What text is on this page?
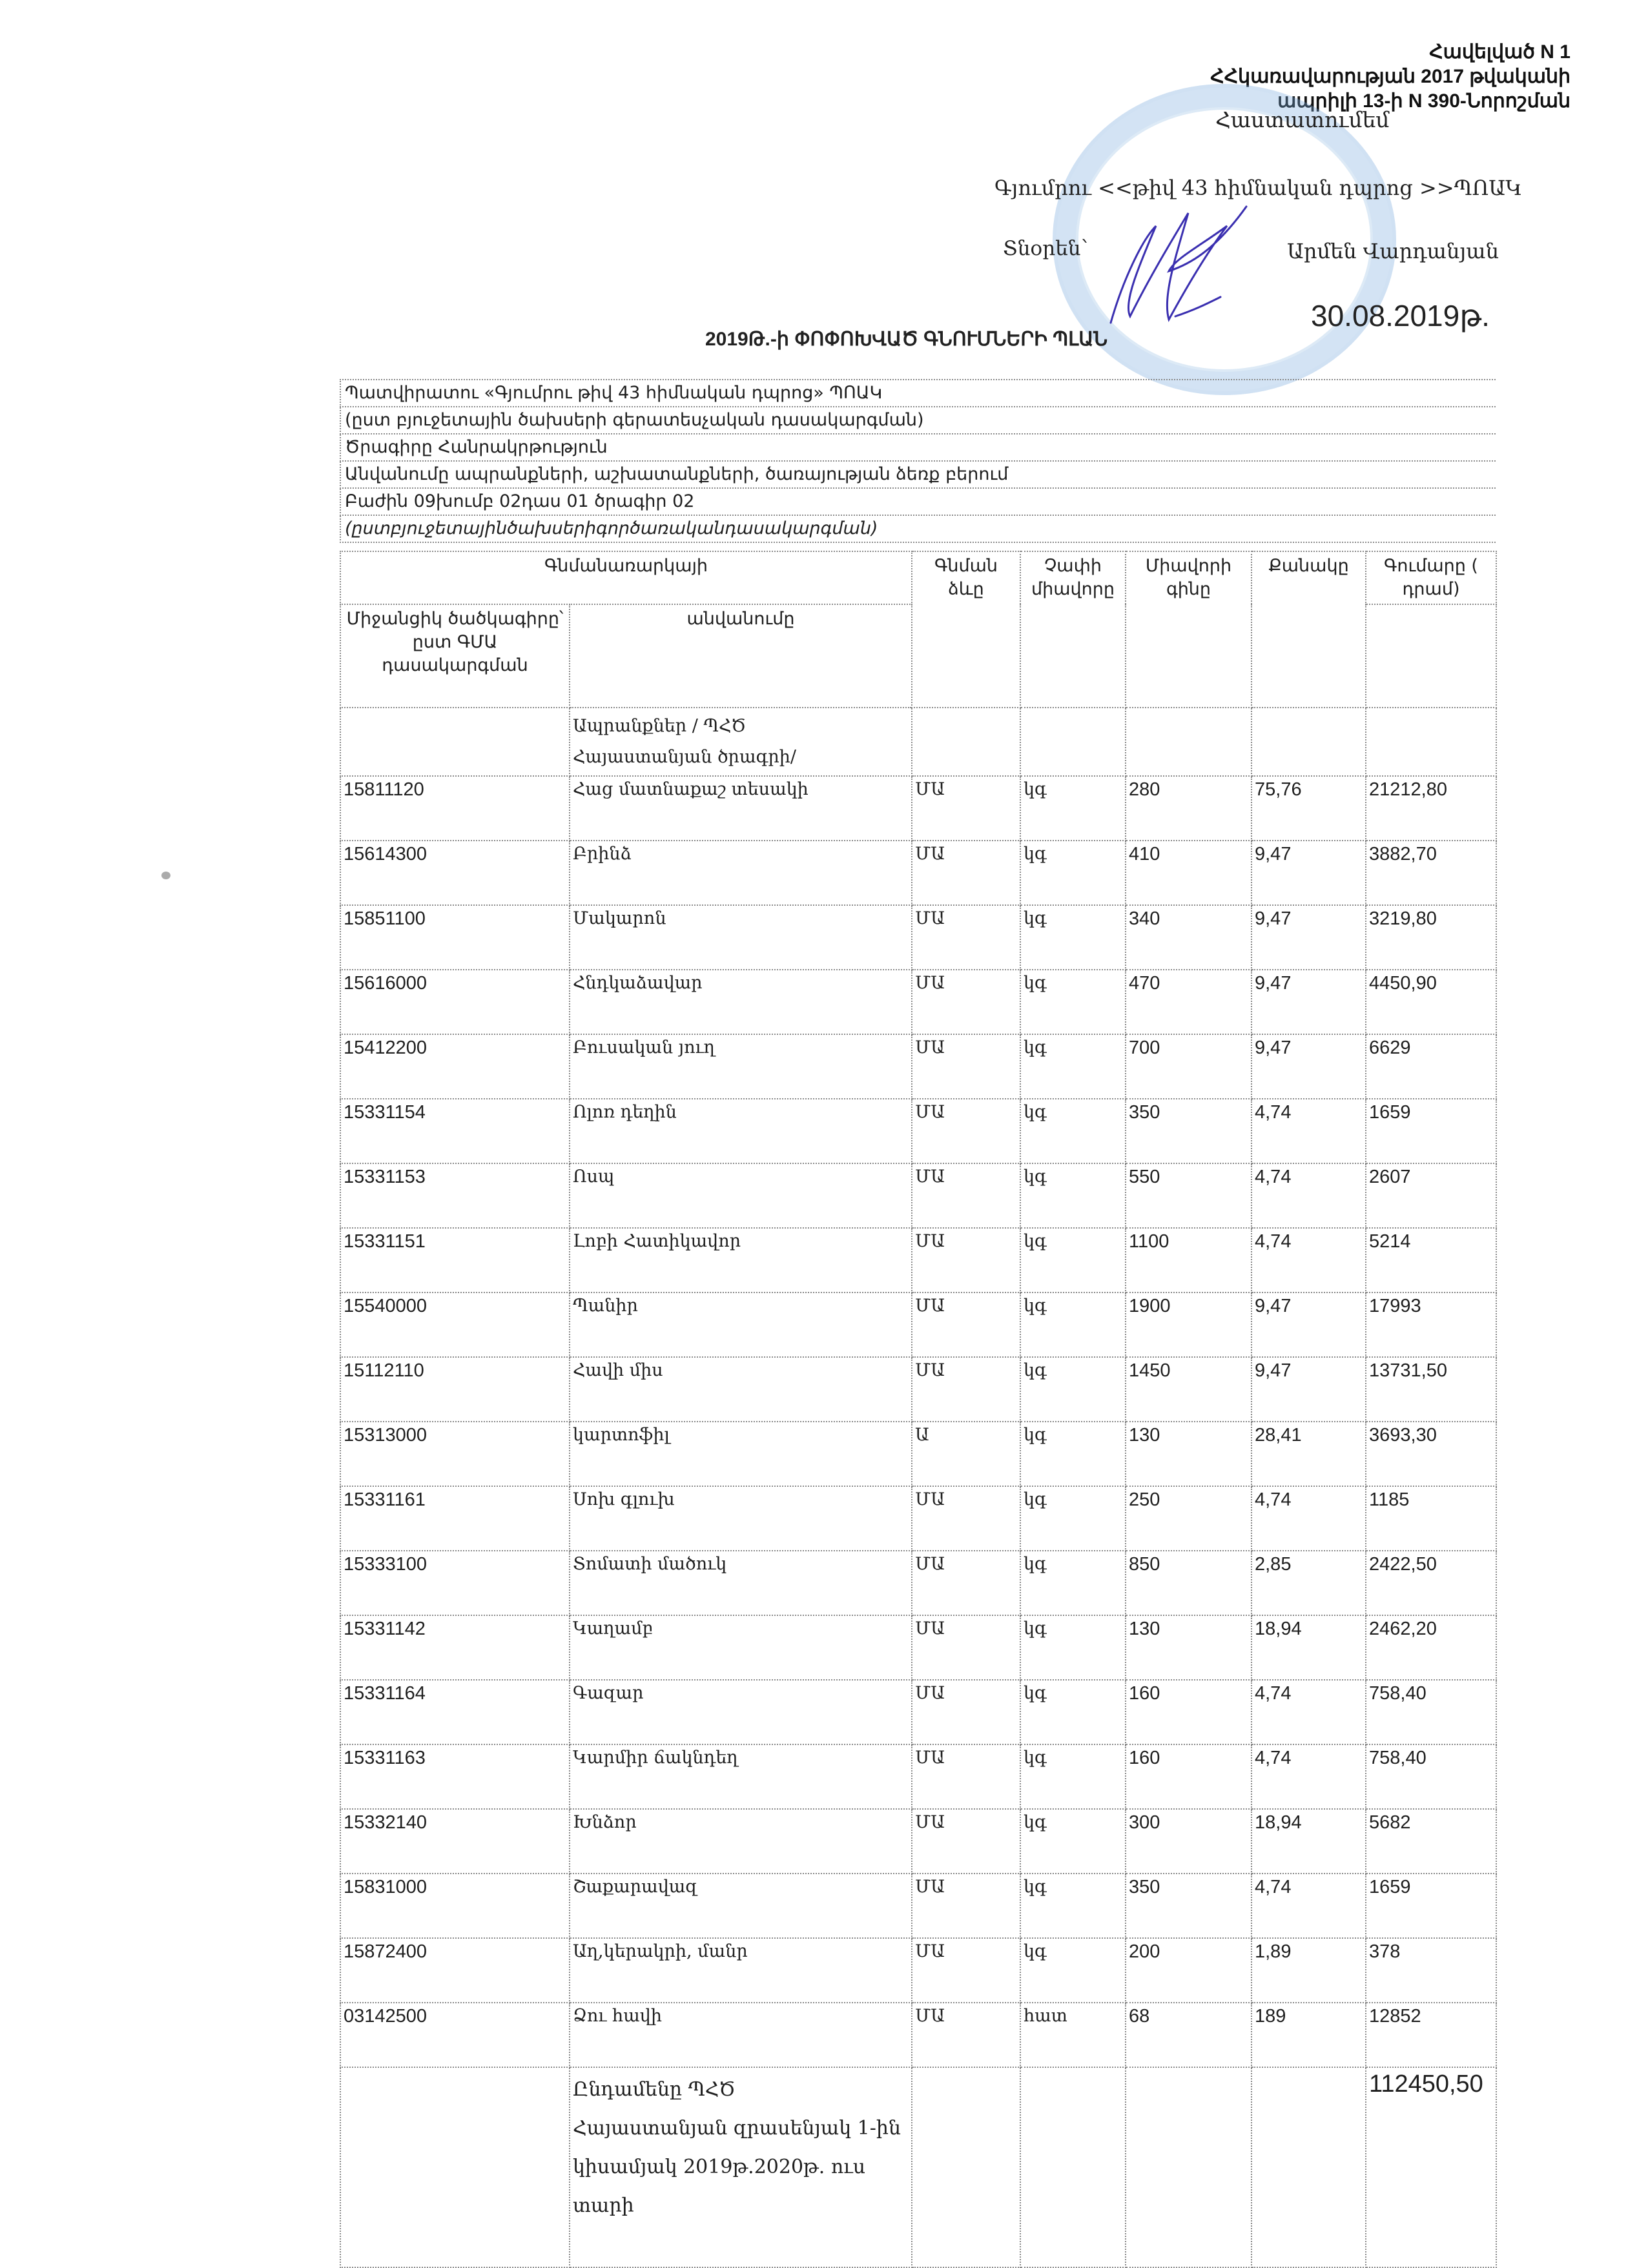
Հավելված N 1
ՀՀկառավարության 2017 թվականի
ապրիլի 13-ի N 390-Նորոշման
Հաստատումեմ
Գյումրու <<թիվ 43 հիմնական դպրոց >>ՊՈԱԿ
Տնօրեն՝	Արմեն Վարդանյան
30.08.2019թ.
2019Թ.-ի ՓՈՓՈԽՎԱԾ ԳՆՈՒՄՆԵՐԻ ՊԼԱՆ
Պատվիրատու «Գյումրու թիվ 43 հիմնական դպրոց» ՊՈԱԿ
(ըստ բյուջետային ծախսերի գերատեսչական դասակարգման)
Ծրագիրը Հանրակրթություն
Անվանումը ապրանքների, աշխատանքների, ծառայության ձեռք բերում
Բաժին 09խումբ 02դաս 01 ծրագիր 02
(ըստբյուջետայինծախսերիգործառականդասակարգման)
Գնմանառարկայի		Գնման ձևը	Չափի միավորը	Միավորի գինը	Քանակը	Գումարը ( դրամ)
Միջանցիկ ծածկագիրը՝ ըստ ԳՄԱ դասակարգման	անվանումը					

	Ապրանքներ / ՊՀԾ
Հայաստանյան ծրագրի/					

15811120	Հաց մատնաքաշ տեսակի	ՄԱ	կգ	280	75,76	21212,80
15614300	Բրինձ	ՄԱ	կգ	410	9,47	3882,70
15851100	Մակարոն	ՄԱ	կգ	340	9,47	3219,80
15616000	Հնդկաձավար	ՄԱ	կգ	470	9,47	4450,90
15412200	Բուսական յուղ	ՄԱ	կգ	700	9,47	6629
15331154	Ոլոռ դեղին	ՄԱ	կգ	350	4,74	1659
15331153	Ոսպ	ՄԱ	կգ	550	4,74	2607
15331151	Լոբի Հատիկավոր	ՄԱ	կգ	1100	4,74	5214
15540000	Պանիր	ՄԱ	կգ	1900	9,47	17993
15112110	Հավի միս	ՄԱ	կգ	1450	9,47	13731,50
15313000	կարտոֆիլ	Ա	կգ	130	28,41	3693,30
15331161	Սոխ գլուխ	ՄԱ	կգ	250	4,74	1185
15333100	Տոմատի մածուկ	ՄԱ	կգ	850	2,85	2422,50
15331142	Կաղամբ	ՄԱ	կգ	130	18,94	2462,20
15331164	Գազար	ՄԱ	կգ	160	4,74	758,40
15331163	Կարմիր ճակնդեղ	ՄԱ	կգ	160	4,74	758,40
15332140	Խնձոր	ՄԱ	կգ	300	18,94	5682
15831000	Շաքարավազ	ՄԱ	կգ	350	4,74	1659
15872400	Աղ,կերակրի, մանր	ՄԱ	կգ	200	1,89	378
03142500	Ձու հավի	ՄԱ	հատ	68	189	12852

	Ընդամենը ՊՀԾ
Հայաստանյան զրասենյակ 1-ին կիսամյակ 2019թ.2020թ. ուս տարի					112450,50
